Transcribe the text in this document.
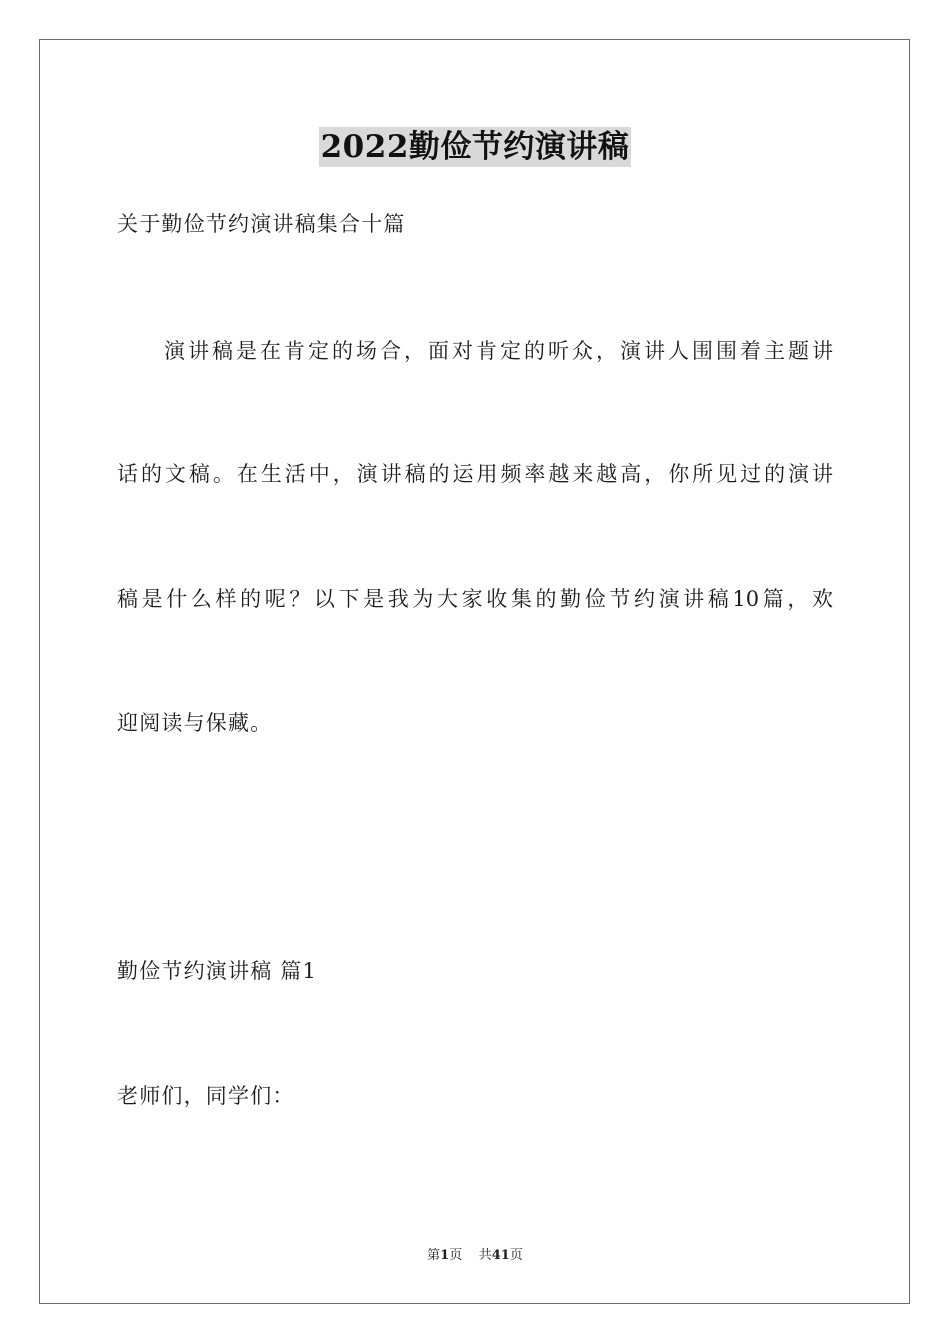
2022勤俭节约演讲稿
关于勤俭节约演讲稿集合十篇
演讲稿是在肯定的场合，面对肯定的听众，演讲人围围着主题讲
话的文稿。在生活中，演讲稿的运用频率越来越高，你所见过的演讲
稿是什么样的呢？以下是我为大家收集的勤俭节约演讲稿10篇，欢
迎阅读与保藏。
勤俭节约演讲稿 篇1
老师们，同学们：
第1页 共41页
